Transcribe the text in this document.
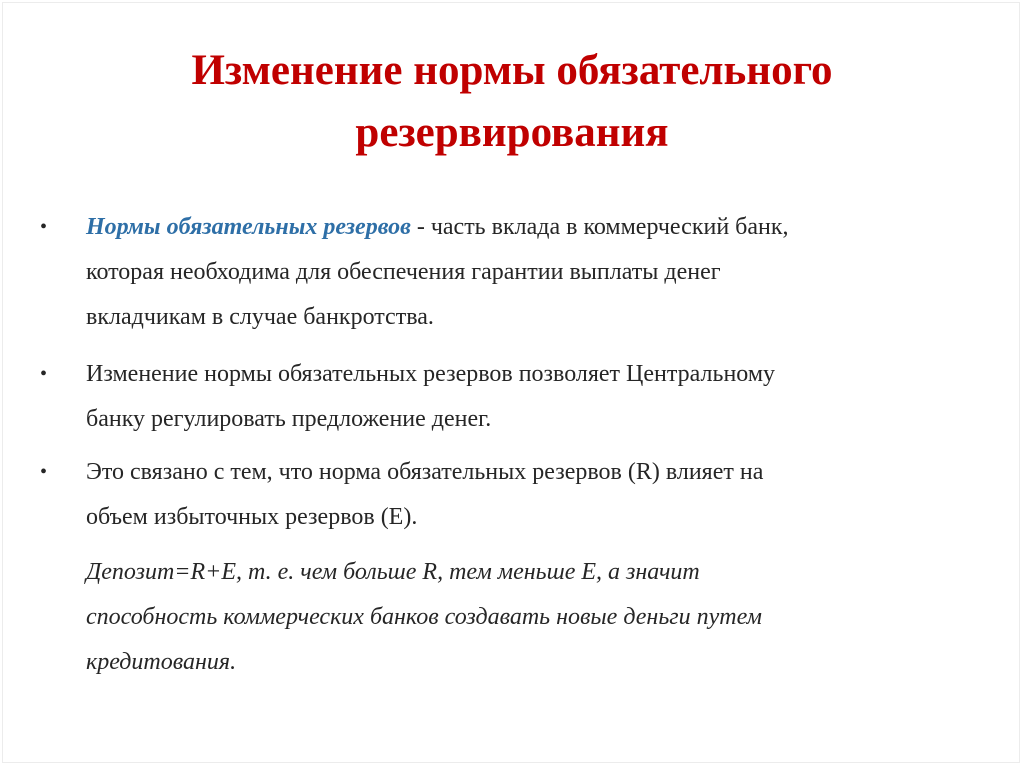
Изменение нормы обязательного
резервирования
•	Нормы обязательных резервов - часть вклада в коммерческий банк,
которая необходима для обеспечения гарантии выплаты денег
вкладчикам в случае банкротства.
•	Изменение нормы обязательных резервов позволяет Центральному
банку регулировать предложение денег.
•	Это связано с тем, что норма обязательных резервов (R) влияет на
объем избыточных резервов (E).
Депозит=R+E, т. е. чем больше R, тем меньше E, а значит
способность коммерческих банков создавать новые деньги путем
кредитования.
